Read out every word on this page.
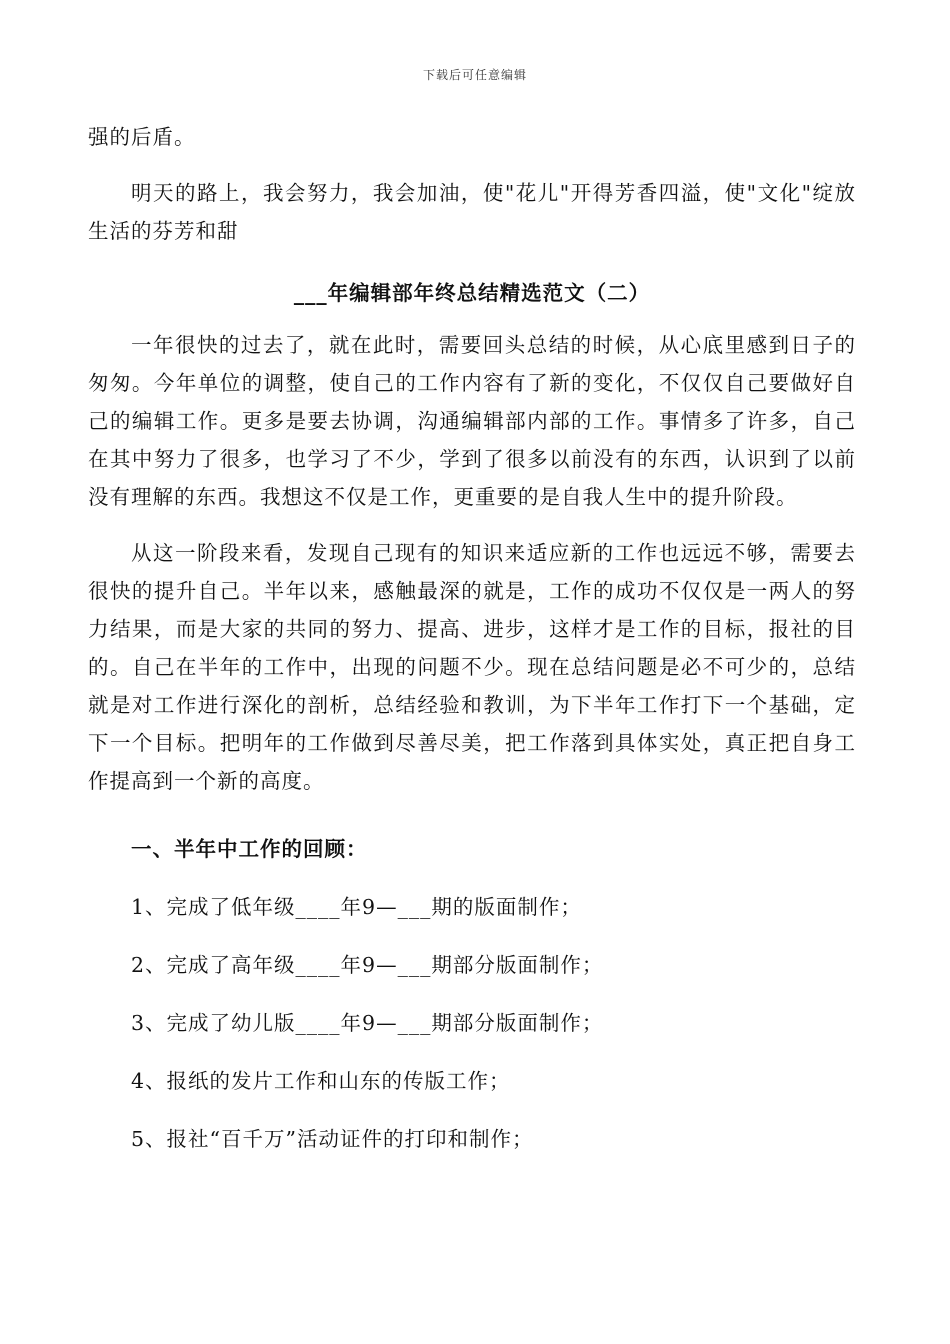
下载后可任意编辑

强的后盾。

明天的路上，我会努力，我会加油，使"花儿"开得芳香四溢，使"文化"绽放生活的芬芳和甜

___年编辑部年终总结精选范文（二）

一年很快的过去了，就在此时，需要回头总结的时候，从心底里感到日子的匆匆。今年单位的调整，使自己的工作内容有了新的变化，不仅仅自己要做好自己的编辑工作。更多是要去协调，沟通编辑部内部的工作。事情多了许多，自己在其中努力了很多，也学习了不少，学到了很多以前没有的东西，认识到了以前没有理解的东西。我想这不仅是工作，更重要的是自我人生中的提升阶段。

从这一阶段来看，发现自己现有的知识来适应新的工作也远远不够，需要去很快的提升自己。半年以来，感触最深的就是，工作的成功不仅仅是一两人的努力结果，而是大家的共同的努力、提高、进步，这样才是工作的目标，报社的目的。自己在半年的工作中，出现的问题不少。现在总结问题是必不可少的，总结就是对工作进行深化的剖析，总结经验和教训，为下半年工作打下一个基础，定下一个目标。把明年的工作做到尽善尽美，把工作落到具体实处，真正把自身工作提高到一个新的高度。

一、半年中工作的回顾：
1、完成了低年级____年9—___期的版面制作；
2、完成了高年级____年9—___期部分版面制作；
3、完成了幼儿版____年9—___期部分版面制作；
4、报纸的发片工作和山东的传版工作；
5、报社“百千万”活动证件的打印和制作；
